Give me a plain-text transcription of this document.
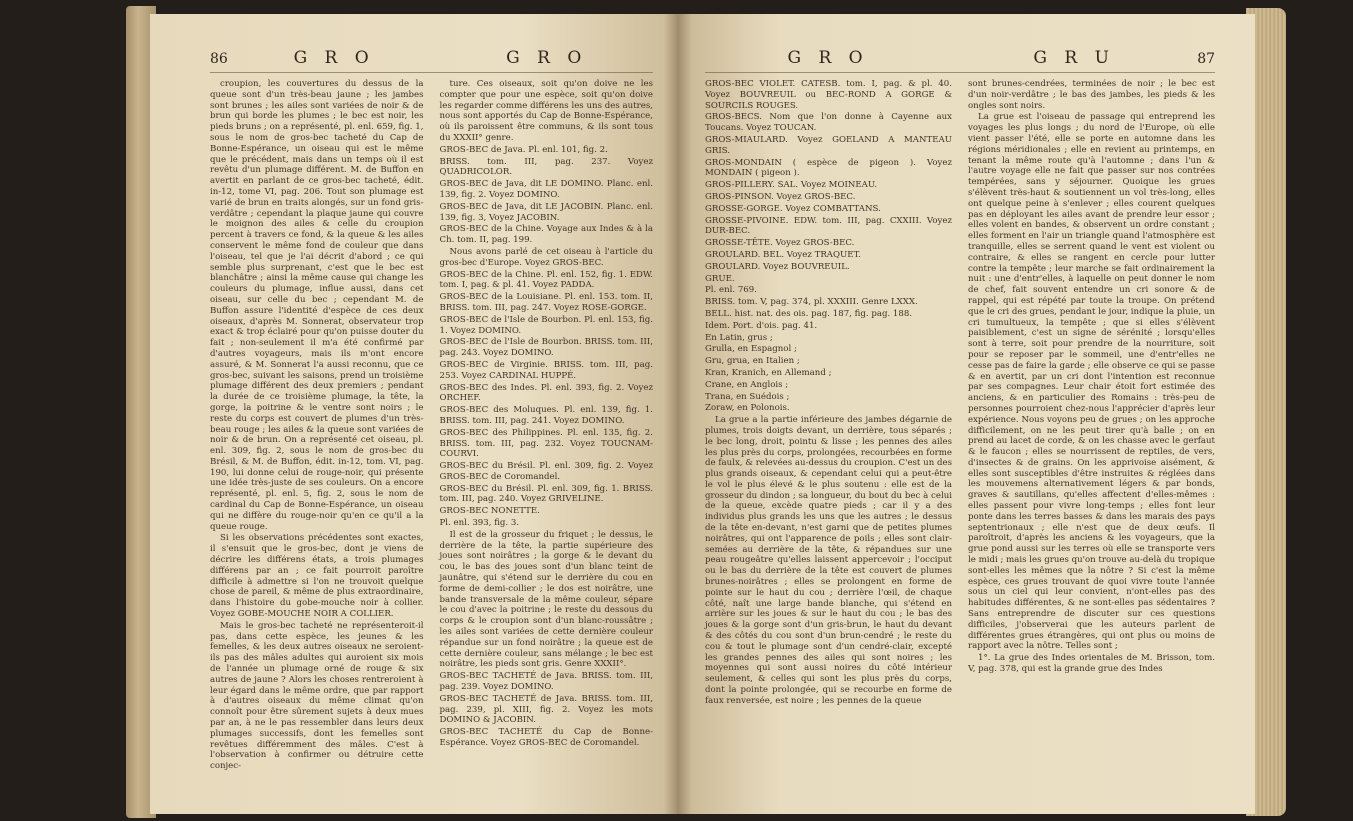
86	G R O	G R O

croupion, les couvertures du dessus de la queue sont d'un très-beau jaune ; les jambes sont brunes ; les ailes sont variées de noir & de brun qui borde les plumes ; le bec est noir, les pieds bruns ; on a représenté, pl. enl. 659, fig. 1, sous le nom de gros-bec tacheté du Cap de Bonne-Espérance, un oiseau qui est le même que le précédent, mais dans un temps où il est revêtu d'un plumage différent. M. de Buffon en avertit en parlant de ce gros-bec tacheté, édit. in-12, tome VI, pag. 206. Tout son plumage est varié de brun en traits alongés, sur un fond gris-verdâtre ; cependant la plaque jaune qui couvre le moignon des ailes & celle du croupion percent à travers ce fond, & la queue & les ailes conservent le même fond de couleur que dans l'oiseau, tel que je l'ai décrit d'abord ; ce qui semble plus surprenant, c'est que le bec est blanchâtre ; ainsi la même cause qui change les couleurs du plumage, influe aussi, dans cet oiseau, sur celle du bec ; cependant M. de Buffon assure l'identité d'espèce de ces deux oiseaux, d'après M. Sonnerat, observateur trop exact & trop éclairé pour qu'on puisse douter du fait ; non-seulement il m'a été confirmé par d'autres voyageurs, mais ils m'ont encore assuré, & M. Sonnerat l'a aussi reconnu, que ce gros-bec, suivant les saisons, prend un troisième plumage différent des deux premiers ; pendant la durée de ce troisième plumage, la tête, la gorge, la poitrine & le ventre sont noirs ; le reste du corps est couvert de plumes d'un très-beau rouge ; les ailes & la queue sont variées de noir & de brun. On a représenté cet oiseau, pl. enl. 309, fig. 2, sous le nom de gros-bec du Brésil, & M. de Buffon, édit. in-12, tom. VI, pag. 190, lui donne celui de rouge-noir, qui présente une idée très-juste de ses couleurs. On a encore représenté, pl. enl. 5, fig. 2, sous le nom de cardinal du Cap de Bonne-Espérance, un oiseau qui ne diffère du rouge-noir qu'en ce qu'il a la queue rouge.

Si les observations précédentes sont exactes, il s'ensuit que le gros-bec, dont je viens de décrire les différens états, a trois plumages différens par an ; ce fait pourroit paroître difficile à admettre si l'on ne trouvoit quelque chose de pareil, & même de plus extraordinaire, dans l'histoire du gobe-mouche noir à collier. Voyez GOBE-MOUCHE NOIR A COLLIER.

Mais le gros-bec tacheté ne représenteroit-il pas, dans cette espèce, les jeunes & les femelles, & les deux autres oiseaux ne seroient-ils pas des mâles adultes qui auroient six mois de l'année un plumage orné de rouge & six autres de jaune ? Alors les choses rentreroient à leur égard dans le même ordre, que par rapport à d'autres oiseaux du même climat qu'on connoît pour être sûrement sujets à deux mues par an, à ne le pas ressembler dans leurs deux plumages successifs, dont les femelles sont revêtues différemment des mâles. C'est à l'observation à confirmer ou détruire cette conjec-

ture. Ces oiseaux, soit qu'on doive ne les compter que pour une espèce, soit qu'on doive les regarder comme différens les uns des autres, nous sont apportés du Cap de Bonne-Espérance, où ils paroissent être communs, & ils sont tous du XXXII° genre.

GROS-BEC de Java. Pl. enl. 101, fig. 2.

BRISS. tom. III, pag. 237. Voyez QUADRICOLOR.

GROS-BEC de Java, dit LE DOMINO. Planc. enl. 139, fig. 2. Voyez DOMINO.

GROS-BEC de Java, dit LE JACOBIN. Planc. enl. 139, fig. 3, Voyez JACOBIN.

GROS-BEC de la Chine. Voyage aux Indes & à la Ch. tom. II, pag. 199.

Nous avons parlé de cet oiseau à l'article du gros-bec d'Europe. Voyez GROS-BEC.

GROS-BEC de la Chine. Pl. enl. 152, fig. 1. EDW. tom. I, pag. & pl. 41. Voyez PADDA.

GROS-BEC de la Louisiane. Pl. enl. 153. tom. II, BRISS. tom. III, pag. 247. Voyez ROSE-GORGE.

GROS-BEC de l'Isle de Bourbon. Pl. enl. 153, fig. 1. Voyez DOMINO.

GROS-BEC de l'Isle de Bourbon. BRISS. tom. III, pag. 243. Voyez DOMINO.

GROS-BEC de Virginie. BRISS. tom. III, pag. 253. Voyez CARDINAL HUPPÉ.

GROS-BEC des Indes. Pl. enl. 393, fig. 2. Voyez ORCHEF.

GROS-BEC des Moluques. Pl. enl. 139, fig. 1. BRISS. tom. III, pag. 241. Voyez DOMINO.

GROS-BEC des Philippines. Pl. enl. 135, fig. 2. BRISS. tom. III, pag. 232. Voyez TOUCNAM-COURVI.

GROS-BEC du Brésil. Pl. enl. 309, fig. 2. Voyez GROS-BEC de Coromandel.

GROS-BEC du Brésil. Pl. enl. 309, fig. 1. BRISS. tom. III, pag. 240. Voyez GRIVELINE.

GROS-BEC NONETTE.

Pl. enl. 393, fig. 3.

Il est de la grosseur du friquet ; le dessus, le derrière de la tête, la partie supérieure des joues sont noirâtres ; la gorge & le devant du cou, le bas des joues sont d'un blanc teint de jaunâtre, qui s'étend sur le derrière du cou en forme de demi-collier ; le dos est noirâtre, une bande transversale de la même couleur, sépare le cou d'avec la poitrine ; le reste du dessous du corps & le croupion sont d'un blanc-roussâtre ; les ailes sont variées de cette dernière couleur répandue sur un fond noirâtre ; la queue est de cette dernière couleur, sans mélange ; le bec est noirâtre, les pieds sont gris. Genre XXXII°.

GROS-BEC TACHETÉ de Java. BRISS. tom. III, pag. 239. Voyez DOMINO.

GROS-BEC TACHETÉ de Java. BRISS. tom. III, pag. 239, pl. XIII, fig. 2. Voyez les mots DOMINO & JACOBIN.

GROS-BEC TACHETÉ du Cap de Bonne-Espérance. Voyez GROS-BEC de Coromandel.

G R O	G R U	87

GROS-BEC VIOLET. CATESB. tom. I, pag. & pl. 40. Voyez BOUVREUIL ou BEC-ROND A GORGE & SOURCILS ROUGES.

GROS-BECS. Nom que l'on donne à Cayenne aux Toucans. Voyez TOUCAN.

GROS-MIAULARD. Voyez GOELAND A MANTEAU GRIS.

GROS-MONDAIN ( espèce de pigeon ). Voyez MONDAIN ( pigeon ).

GROS-PILLERY. SAL. Voyez MOINEAU.

GROS-PINSON. Voyez GROS-BEC.

GROSSE-GORGE. Voyez COMBATTANS.

GROSSE-PIVOINE. EDW. tom. III, pag. CXXIII. Voyez DUR-BEC.

GROSSE-TÊTE. Voyez GROS-BEC.

GROULARD. BEL. Voyez TRAQUET.

GROULARD. Voyez BOUVREUIL.

GRUE.

Pl. enl. 769.

BRISS. tom. V, pag. 374, pl. XXXIII. Genre LXXX.

BELL. hist. nat. des ois. pag. 187, fig. pag. 188.

Idem. Port. d'ois. pag. 41.

En Latin, grus ;

Grulla, en Espagnol ;

Gru, grua, en Italien ;

Kran, Kranich, en Allemand ;

Crane, en Anglois ;

Trana, en Suédois ;

Zoraw, en Polonois.

La grue a la partie inférieure des jambes dégarnie de plumes, trois doigts devant, un derrière, tous séparés ; le bec long, droit, pointu & lisse ; les pennes des ailes les plus près du corps, prolongées, recourbées en forme de faulx, & relevées au-dessus du croupion. C'est un des plus grands oiseaux, & cependant celui qui a peut-être le vol le plus élevé & le plus soutenu : elle est de la grosseur du dindon ; sa longueur, du bout du bec à celui de la queue, excède quatre pieds ; car il y a des individus plus grands les uns que les autres ; le dessus de la tête en-devant, n'est garni que de petites plumes noirâtres, qui ont l'apparence de poils ; elles sont clair-semées au derrière de la tête, & répandues sur une peau rougeâtre qu'elles laissent appercevoir ; l'occiput ou le bas du derrière de la tête est couvert de plumes brunes-noirâtres ; elles se prolongent en forme de pointe sur le haut du cou ; derrière l'œil, de chaque côté, naît une large bande blanche, qui s'étend en arrière sur les joues & sur le haut du cou ; le bas des joues & la gorge sont d'un gris-brun, le haut du devant & des côtés du cou sont d'un brun-cendré ; le reste du cou & tout le plumage sont d'un cendré-clair, excepté les grandes pennes des ailes qui sont noires ; les moyennes qui sont aussi noires du côté intérieur seulement, & celles qui sont les plus près du corps, dont la pointe prolongée, qui se recourbe en forme de faux renversée, est noire ; les pennes de la queue

sont brunes-cendrées, terminées de noir ; le bec est d'un noir-verdâtre ; le bas des jambes, les pieds & les ongles sont noirs.

La grue est l'oiseau de passage qui entreprend les voyages les plus longs ; du nord de l'Europe, où elle vient passer l'été, elle se porte en automne dans les régions méridionales ; elle en revient au printemps, en tenant la même route qu'à l'automne ; dans l'un & l'autre voyage elle ne fait que passer sur nos contrées tempérées, sans y séjourner. Quoique les grues s'élèvent très-haut & soutiennent un vol très-long, elles ont quelque peine à s'enlever ; elles courent quelques pas en déployant les ailes avant de prendre leur essor ; elles volent en bandes, & observent un ordre constant ; elles forment en l'air un triangle quand l'atmosphère est tranquille, elles se serrent quand le vent est violent ou contraire, & elles se rangent en cercle pour lutter contre la tempête ; leur marche se fait ordinairement la nuit : une d'entr'elles, à laquelle on peut donner le nom de chef, fait souvent entendre un cri sonore & de rappel, qui est répété par toute la troupe. On prétend que le cri des grues, pendant le jour, indique la pluie, un cri tumultueux, la tempête ; que si elles s'élèvent paisiblement, c'est un signe de sérénité ; lorsqu'elles sont à terre, soit pour prendre de la nourriture, soit pour se reposer par le sommeil, une d'entr'elles ne cesse pas de faire la garde ; elle observe ce qui se passe & en avertit, par un cri dont l'intention est reconnue par ses compagnes. Leur chair étoit fort estimée des anciens, & en particulier des Romains : très-peu de personnes pourroient chez-nous l'apprécier d'après leur expérience. Nous voyons peu de grues ; on les approche difficilement, on ne les peut tirer qu'à balle ; on en prend au lacet de corde, & on les chasse avec le gerfaut & le faucon ; elles se nourrissent de reptiles, de vers, d'insectes & de grains. On les apprivoise aisément, & elles sont susceptibles d'être instruites & réglées dans les mouvemens alternativement légers & par bonds, graves & sautillans, qu'elles affectent d'elles-mêmes : elles passent pour vivre long-temps ; elles font leur ponte dans les terres basses & dans les marais des pays septentrionaux ; elle n'est que de deux œufs. Il paroîtroit, d'après les anciens & les voyageurs, que la grue pond aussi sur les terres où elle se transporte vers le midi ; mais les grues qu'on trouve au-delà du tropique sont-elles les mêmes que la nôtre ? Si c'est la même espèce, ces grues trouvant de quoi vivre toute l'année sous un ciel qui leur convient, n'ont-elles pas des habitudes différentes, & ne sont-elles pas sédentaires ? Sans entreprendre de discuter sur ces questions difficiles, j'observerai que les auteurs parlent de différentes grues étrangères, qui ont plus ou moins de rapport avec la nôtre. Telles sont ;

1°. La grue des Indes orientales de M. Brisson, tom. V, pag. 378, qui est la grande grue des Indes
